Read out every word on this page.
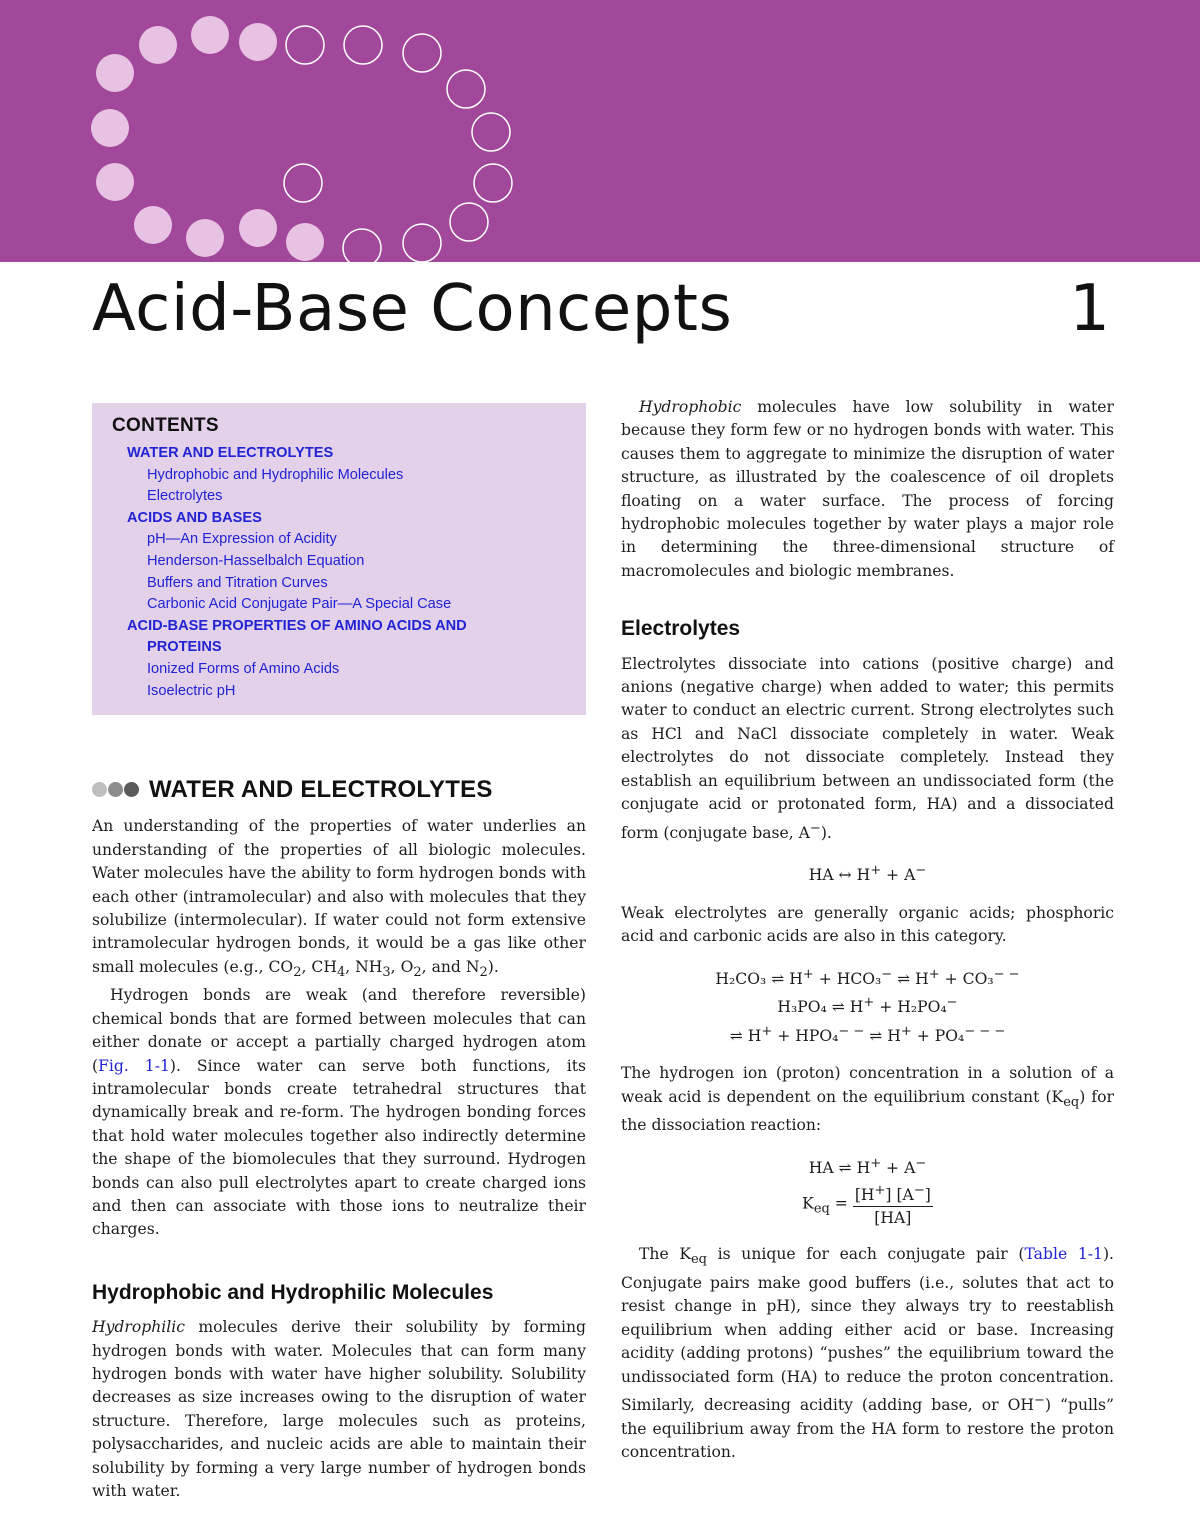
Acid-Base Concepts	1
CONTENTS
WATER AND ELECTROLYTES
Hydrophobic and Hydrophilic Molecules
Electrolytes
ACIDS AND BASES
pH—An Expression of Acidity
Henderson-Hasselbalch Equation
Buffers and Titration Curves
Carbonic Acid Conjugate Pair—A Special Case
ACID-BASE PROPERTIES OF AMINO ACIDS AND
PROTEINS
Ionized Forms of Amino Acids
Isoelectric pH
WATER AND ELECTROLYTES

An understanding of the properties of water underlies an understanding of the properties of all biologic molecules. Water molecules have the ability to form hydrogen bonds with each other (intramolecular) and also with molecules that they solubilize (intermolecular). If water could not form extensive intramolecular hydrogen bonds, it would be a gas like other small molecules (e.g., $CO_2$, $CH_4$, $NH_3$, $O_2$, and $N_2$).

Hydrogen bonds are weak (and therefore reversible) chemical bonds that are formed between molecules that can either donate or accept a partially charged hydrogen atom (Fig. 1-1). Since water can serve both functions, its intramolecular bonds create tetrahedral structures that dynamically break and re-form. The hydrogen bonding forces that hold water molecules together also indirectly determine the shape of the biomolecules that they surround. Hydrogen bonds can also pull electrolytes apart to create charged ions and then can associate with those ions to neutralize their charges.

Hydrophobic and Hydrophilic Molecules

Hydrophilic molecules derive their solubility by forming hydrogen bonds with water. Molecules that can form many hydrogen bonds with water have higher solubility. Solubility decreases as size increases owing to the disruption of water structure. Therefore, large molecules such as proteins, polysaccharides, and nucleic acids are able to maintain their solubility by forming a very large number of hydrogen bonds with water.

Hydrophobic molecules have low solubility in water because they form few or no hydrogen bonds with water. This causes them to aggregate to minimize the disruption of water structure, as illustrated by the coalescence of oil droplets floating on a water surface. The process of forcing hydrophobic molecules together by water plays a major role in determining the three-dimensional structure of macromolecules and biologic membranes.

Electrolytes

Electrolytes dissociate into cations (positive charge) and anions (negative charge) when added to water; this permits water to conduct an electric current. Strong electrolytes such as HCl and NaCl dissociate completely in water. Weak electrolytes do not dissociate completely. Instead they establish an equilibrium between an undissociated form (the conjugate acid or protonated form, HA) and a dissociated form (conjugate base, A−).

HA ↔ H+ + A−

Weak electrolytes are generally organic acids; phosphoric acid and carbonic acids are also in this category.

H₂CO₃ ⇌ H+ + HCO₃− ⇌ H+ + CO₃− −

H₃PO₄ ⇌ H+ + H₂PO₄−

⇌ H+ + HPO₄− − ⇌ H+ + PO₄− − −

The hydrogen ion (proton) concentration in a solution of a weak acid is dependent on the equilibrium constant $(K_{eq})$ for the dissociation reaction:

HA ⇌ H+ + A−

$K_{eq} = \frac{[H^+] [A^-]}{[HA]}$

The $K_{eq}$ is unique for each conjugate pair (Table 1-1). Conjugate pairs make good buffers (i.e., solutes that act to resist change in pH), since they always try to reestablish equilibrium when adding either acid or base. Increasing acidity (adding protons) “pushes” the equilibrium toward the undissociated form (HA) to reduce the proton concentration. Similarly, decreasing acidity (adding base, or OH−) “pulls” the equilibrium away from the HA form to restore the proton concentration.
